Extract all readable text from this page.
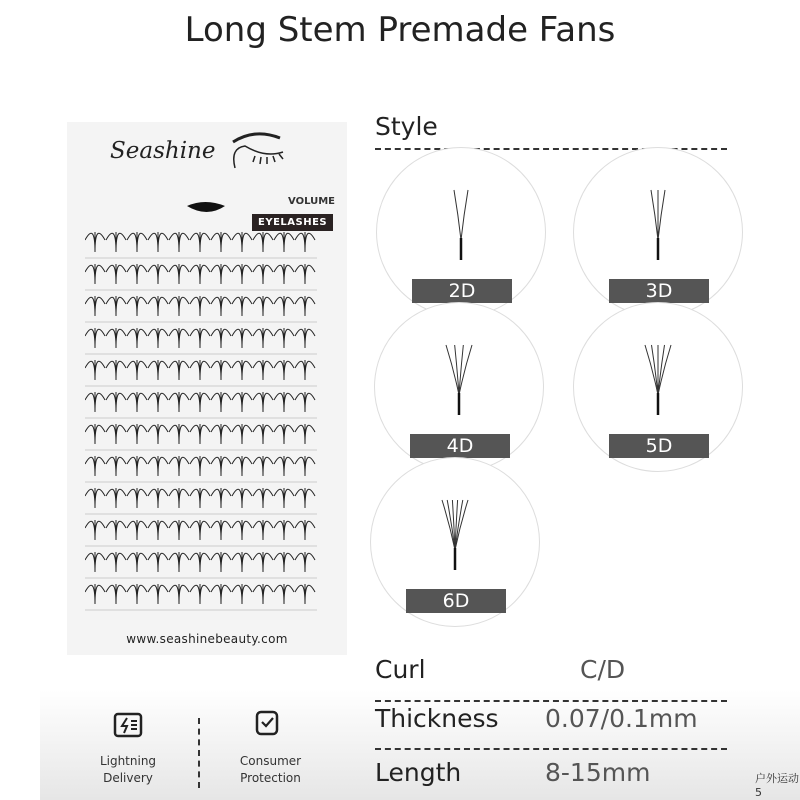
Long Stem Premade Fans
Seashine
VOLUME
EYELASHES
www.seashinebeauty.com
Style
2D	3D
4D	5D
6D
Curl	C/D
Thickness 0.07/0.1mm
Length	8-15mm
Lightning
Delivery
Consumer
Protection	户外运动5
